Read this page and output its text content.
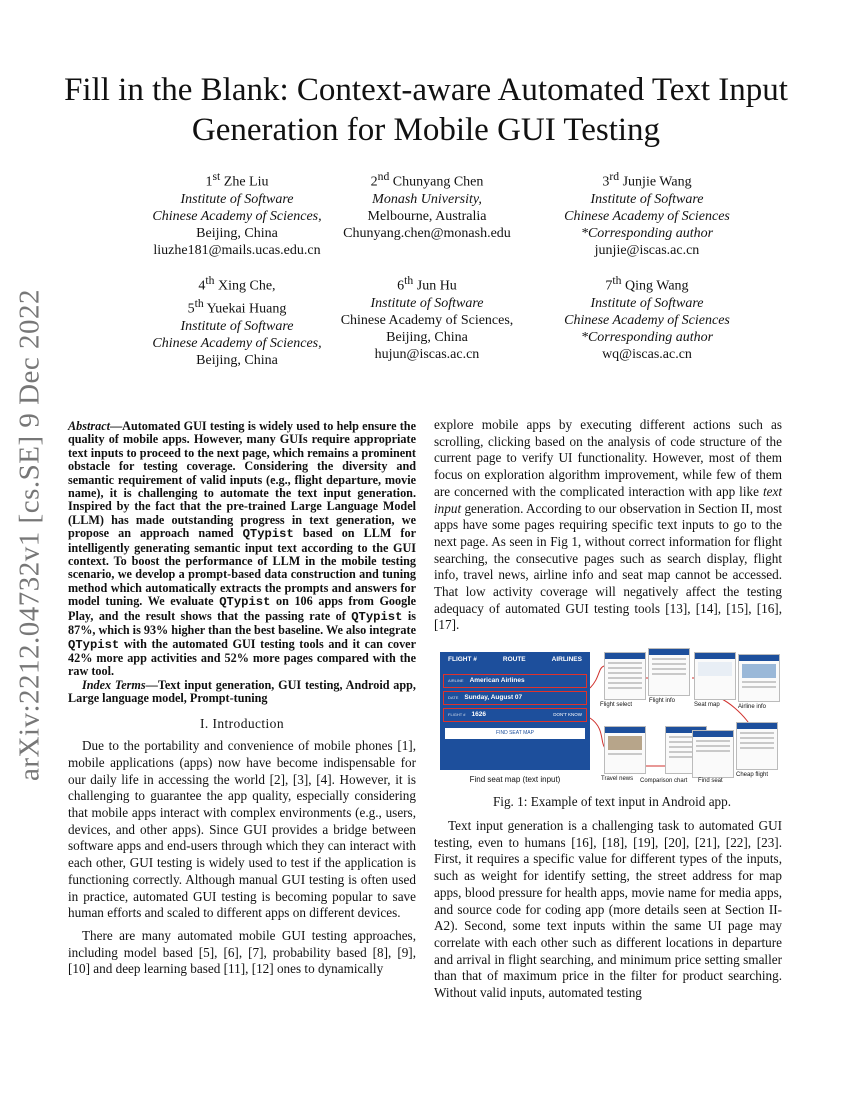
arXiv:2212.04732v1 [cs.SE] 9 Dec 2022
Fill in the Blank: Context-aware Automated Text Input Generation for Mobile GUI Testing
1st Zhe Liu
Institute of Software
Chinese Academy of Sciences,
Beijing, China
liuzhe181@mails.ucas.edu.cn
2nd Chunyang Chen
Monash University,
Melbourne, Australia
Chunyang.chen@monash.edu
3rd Junjie Wang
Institute of Software
Chinese Academy of Sciences
*Corresponding author
junjie@iscas.ac.cn
4th Xing Che,
5th Yuekai Huang
Institute of Software
Chinese Academy of Sciences,
Beijing, China
6th Jun Hu
Institute of Software
Chinese Academy of Sciences,
Beijing, China
hujun@iscas.ac.cn
7th Qing Wang
Institute of Software
Chinese Academy of Sciences
*Corresponding author
wq@iscas.ac.cn
Abstract—Automated GUI testing is widely used to help ensure the quality of mobile apps. However, many GUIs require appropriate text inputs to proceed to the next page, which remains a prominent obstacle for testing coverage. Considering the diversity and semantic requirement of valid inputs (e.g., flight departure, movie name), it is challenging to automate the text input generation. Inspired by the fact that the pre-trained Large Language Model (LLM) has made outstanding progress in text generation, we propose an approach named QTypist based on LLM for intelligently generating semantic input text according to the GUI context. To boost the performance of LLM in the mobile testing scenario, we develop a prompt-based data construction and tuning method which automatically extracts the prompts and answers for model tuning. We evaluate QTypist on 106 apps from Google Play, and the result shows that the passing rate of QTypist is 87%, which is 93% higher than the best baseline. We also integrate QTypist with the automated GUI testing tools and it can cover 42% more app activities and 52% more pages compared with the raw tool.
Index Terms—Text input generation, GUI testing, Android app, Large language model, Prompt-tuning
I. Introduction

Due to the portability and convenience of mobile phones [1], mobile applications (apps) now have become indispensable for our daily life in accessing the world [2], [3], [4]. However, it is challenging to guarantee the app quality, especially considering that mobile apps interact with complex environments (e.g., users, devices, and other apps). Since GUI provides a bridge between software apps and end-users through which they can interact with each other, GUI testing is widely used to test if the application is functioning correctly. Although manual GUI testing is often used in practice, automated GUI testing is becoming popular to save human efforts and scaled to different apps on different devices.

There are many automated mobile GUI testing approaches, including model based [5], [6], [7], probability based [8], [9], [10] and deep learning based [11], [12] ones to dynamically

explore mobile apps by executing different actions such as scrolling, clicking based on the analysis of code structure of the current page to verify UI functionality. However, most of them focus on exploration algorithm improvement, while few of them are concerned with the complicated interaction with app like text input generation. According to our observation in Section II, most apps have some pages requiring specific text inputs to go to the next page. As seen in Fig 1, without correct information for flight searching, the consecutive pages such as search display, flight info, travel news, airline info and seat map cannot be accessed. That low activity coverage will negatively affect the testing adequacy of automated GUI testing tools [13], [14], [15], [16], [17].
FLIGHT #	ROUTE	AIRLINES
AIRLINE American Airlines
DATE Sunday, August 07
FLIGHT # 1626	DON'T KNOW
FIND SEAT MAP
Flight select
Flight info
Seat map	Airline info
Travel news Comparison chart Find seat
Cheap flight
Find seat map (text input)
Fig. 1: Example of text input in Android app.

Text input generation is a challenging task to automated GUI testing, even to humans [16], [18], [19], [20], [21], [22], [23]. First, it requires a specific value for different types of the inputs, such as weight for identify setting, the street address for map apps, blood pressure for health apps, movie name for media apps, and source code for coding app (more details seen at Section II-A2). Second, some text inputs within the same UI page may correlate with each other such as different locations in departure and arrival in flight searching, and minimum price setting smaller than that of maximum price in the filter for product searching. Without valid inputs, automated testing
